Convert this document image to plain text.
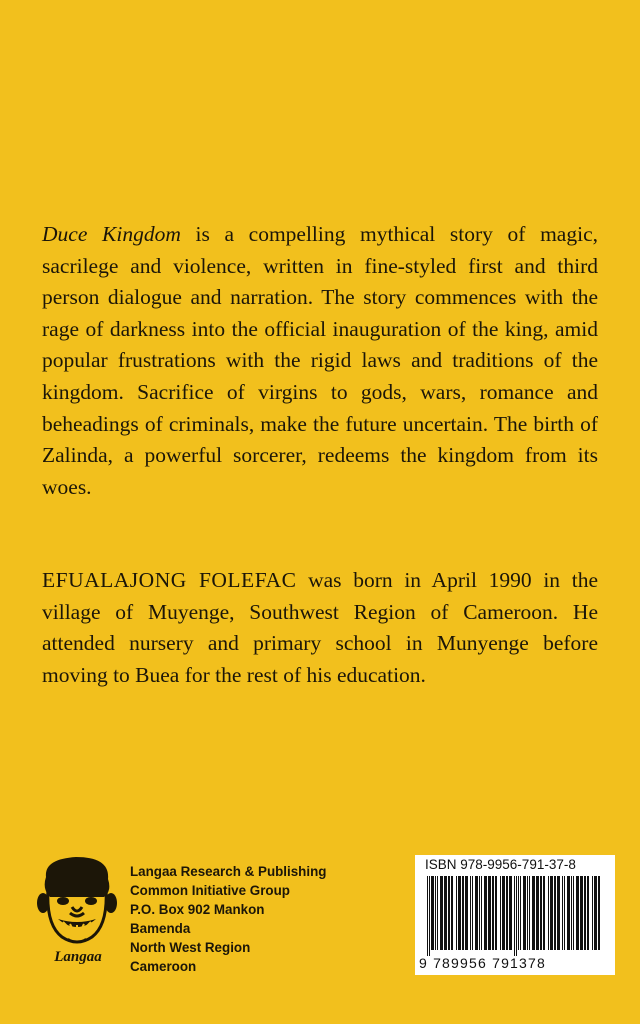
Duce Kingdom is a compelling mythical story of magic, sacrilege and violence, written in fine-styled first and third person dialogue and narration. The story commences with the rage of darkness into the official inauguration of the king, amid popular frustrations with the rigid laws and traditions of the kingdom. Sacrifice of virgins to gods, wars, romance and beheadings of criminals, make the future uncertain. The birth of Zalinda, a powerful sorcerer, redeems the kingdom from its woes.

EFUALAJONG FOLEFAC was born in April 1990 in the village of Muyenge, Southwest Region of Cameroon. He attended nursery and primary school in Munyenge before moving to Buea for the rest of his education.

Langaa
Langaa Research & Publishing
Common Initiative Group
P.O. Box 902 Mankon
Bamenda
North West Region
Cameroon
ISBN 978-9956-791-37-8
9 789956 791378
